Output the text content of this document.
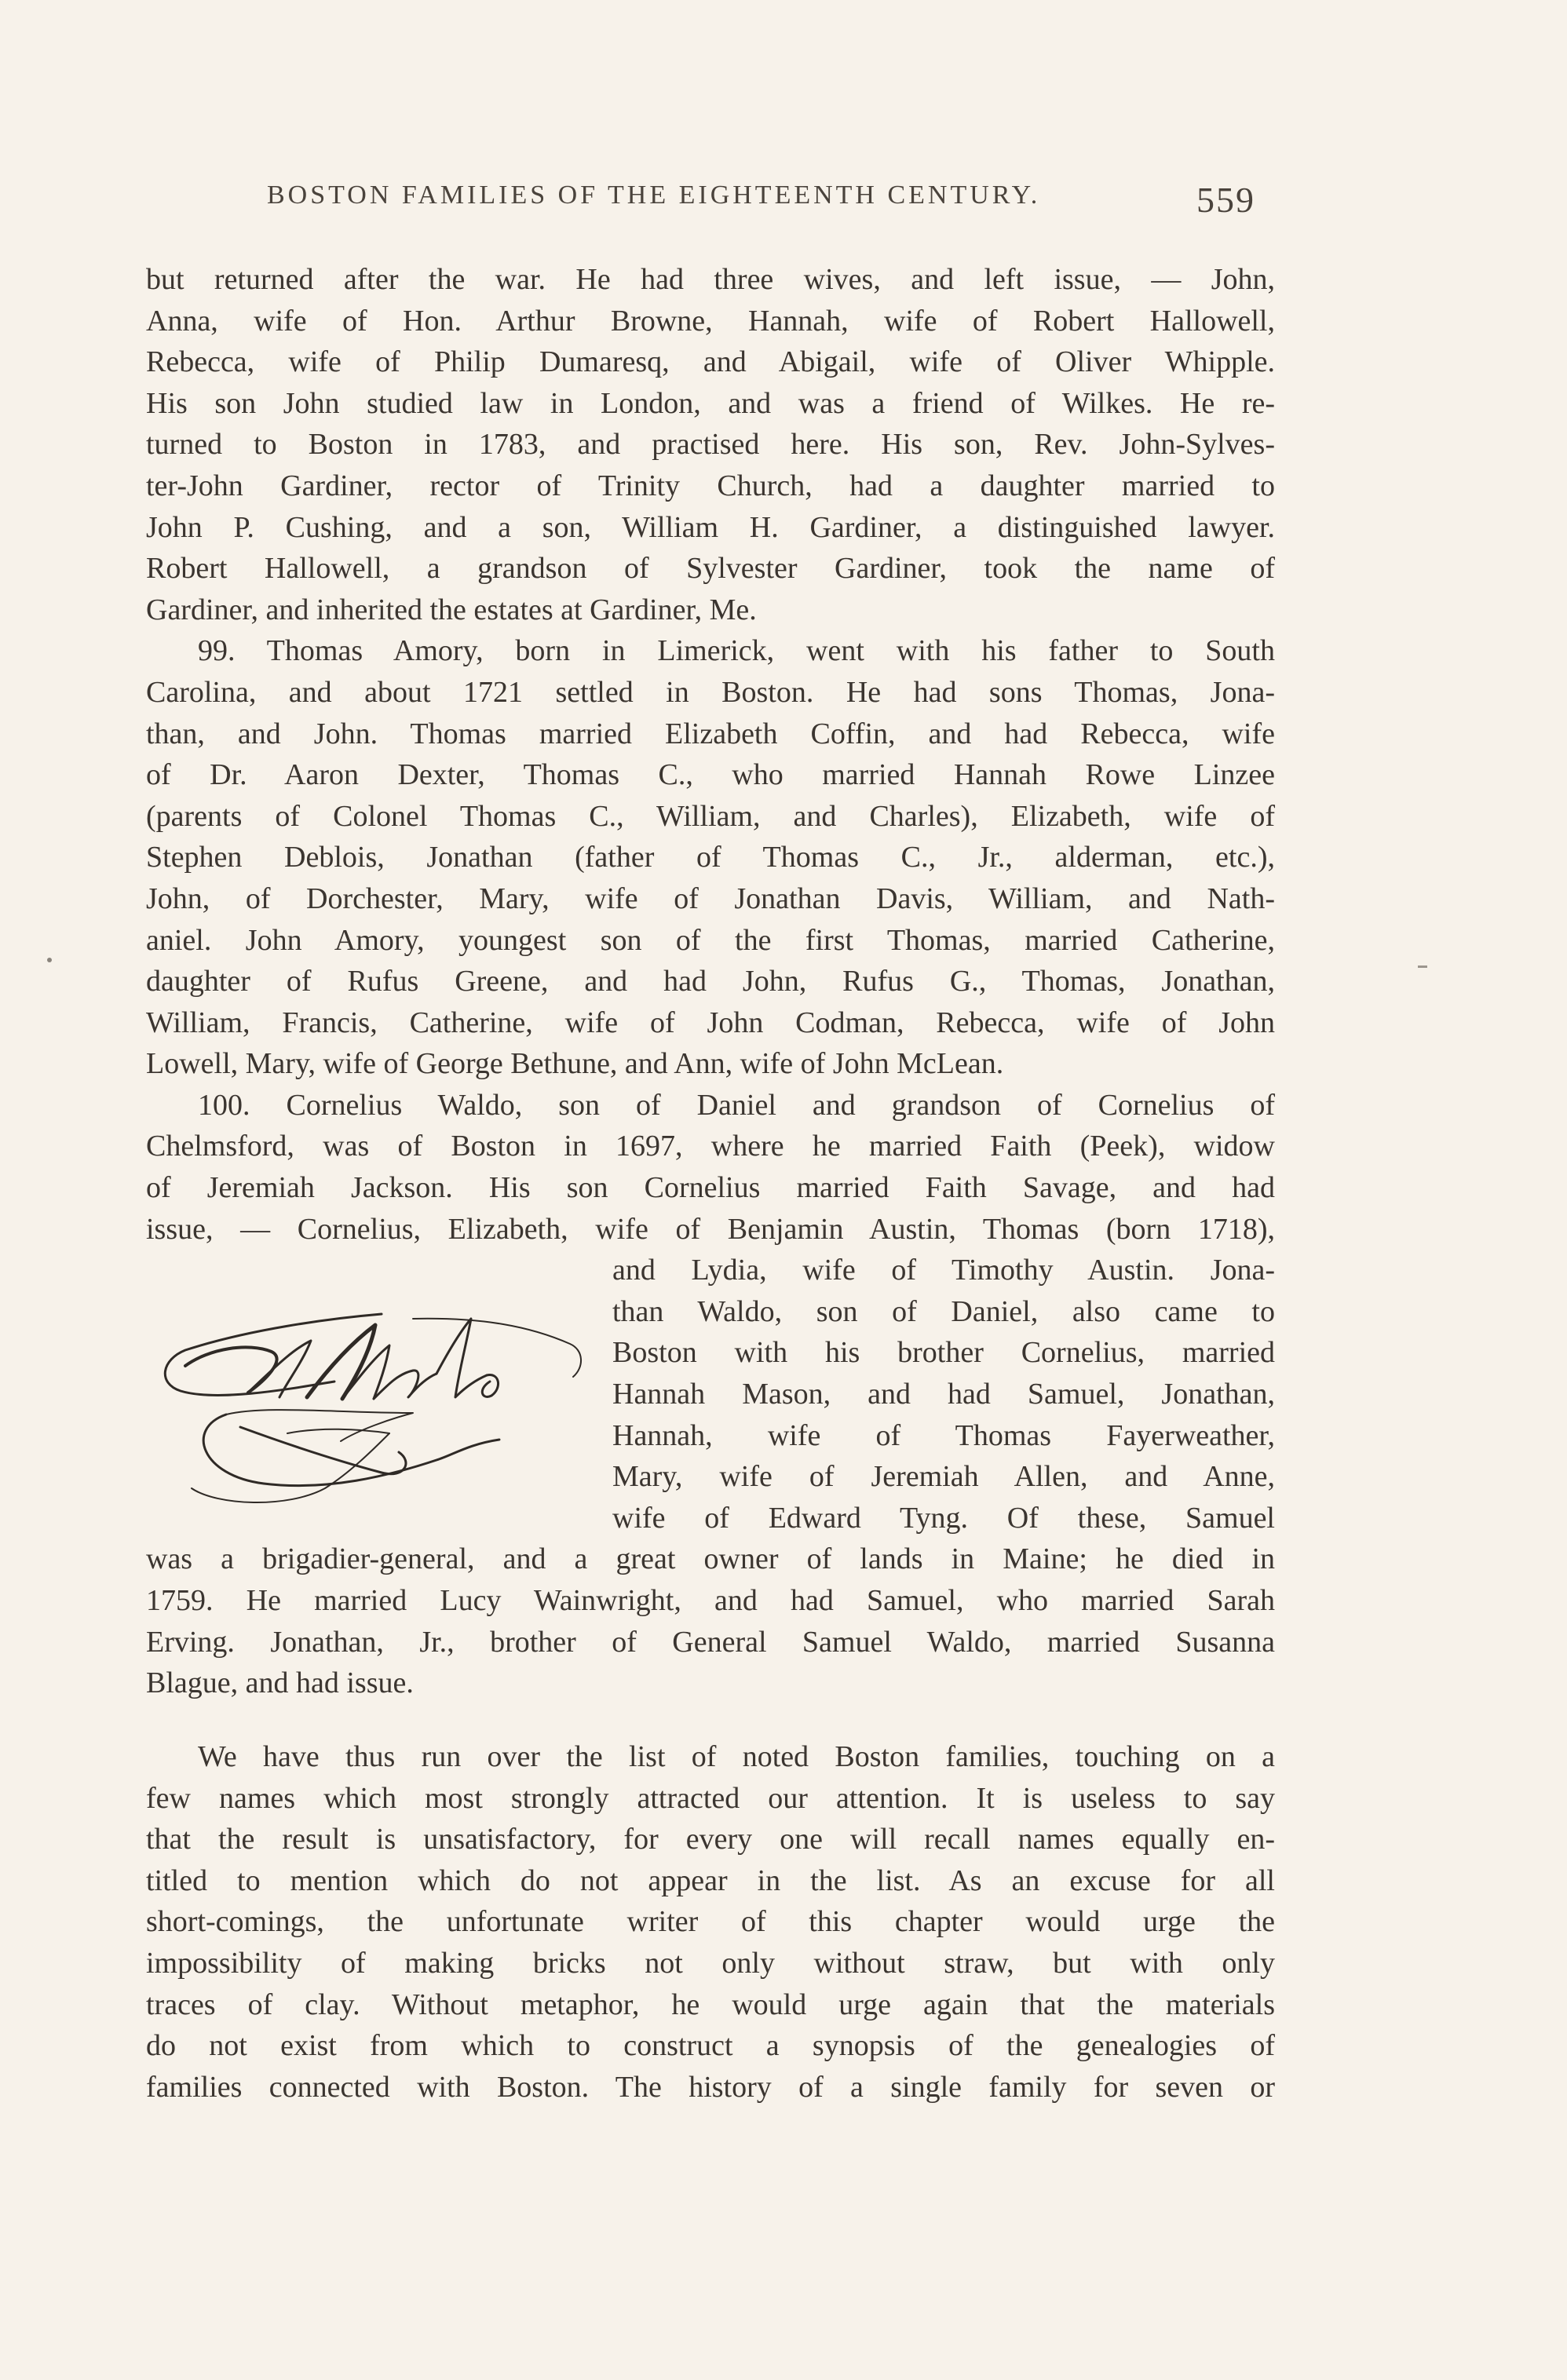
BOSTON FAMILIES OF THE EIGHTEENTH CENTURY.	559
but returned after the war. He had three wives, and left issue, — John,
Anna, wife of Hon. Arthur Browne, Hannah, wife of Robert Hallowell,
Rebecca, wife of Philip Dumaresq, and Abigail, wife of Oliver Whipple.
His son John studied law in London, and was a friend of Wilkes. He re-
turned to Boston in 1783, and practised here. His son, Rev. John-Sylves-
ter-John Gardiner, rector of Trinity Church, had a daughter married to
John P. Cushing, and a son, William H. Gardiner, a distinguished lawyer.
Robert Hallowell, a grandson of Sylvester Gardiner, took the name of
Gardiner, and inherited the estates at Gardiner, Me.
99. Thomas Amory, born in Limerick, went with his father to South
Carolina, and about 1721 settled in Boston. He had sons Thomas, Jona-
than, and John. Thomas married Elizabeth Coffin, and had Rebecca, wife
of Dr. Aaron Dexter, Thomas C., who married Hannah Rowe Linzee
(parents of Colonel Thomas C., William, and Charles), Elizabeth, wife of
Stephen Deblois, Jonathan (father of Thomas C., Jr., alderman, etc.),
John, of Dorchester, Mary, wife of Jonathan Davis, William, and Nath-
aniel. John Amory, youngest son of the first Thomas, married Catherine,
daughter of Rufus Greene, and had John, Rufus G., Thomas, Jonathan,
William, Francis, Catherine, wife of John Codman, Rebecca, wife of John
Lowell, Mary, wife of George Bethune, and Ann, wife of John McLean.
100. Cornelius Waldo, son of Daniel and grandson of Cornelius of
Chelmsford, was of Boston in 1697, where he married Faith (Peek), widow
of Jeremiah Jackson. His son Cornelius married Faith Savage, and had
issue, — Cornelius, Elizabeth, wife of Benjamin Austin, Thomas (born 1718),
and Lydia, wife of Timothy Austin. Jona-
than Waldo, son of Daniel, also came to
Boston with his brother Cornelius, married
Hannah Mason, and had Samuel, Jonathan,
Hannah, wife of Thomas Fayerweather,
Mary, wife of Jeremiah Allen, and Anne,
wife of Edward Tyng. Of these, Samuel
was a brigadier-general, and a great owner of lands in Maine; he died in
1759. He married Lucy Wainwright, and had Samuel, who married Sarah
Erving. Jonathan, Jr., brother of General Samuel Waldo, married Susanna
Blague, and had issue.
We have thus run over the list of noted Boston families, touching on a
few names which most strongly attracted our attention. It is useless to say
that the result is unsatisfactory, for every one will recall names equally en-
titled to mention which do not appear in the list. As an excuse for all
short-comings, the unfortunate writer of this chapter would urge the
impossibility of making bricks not only without straw, but with only
traces of clay. Without metaphor, he would urge again that the materials
do not exist from which to construct a synopsis of the genealogies of
families connected with Boston. The history of a single family for seven or
